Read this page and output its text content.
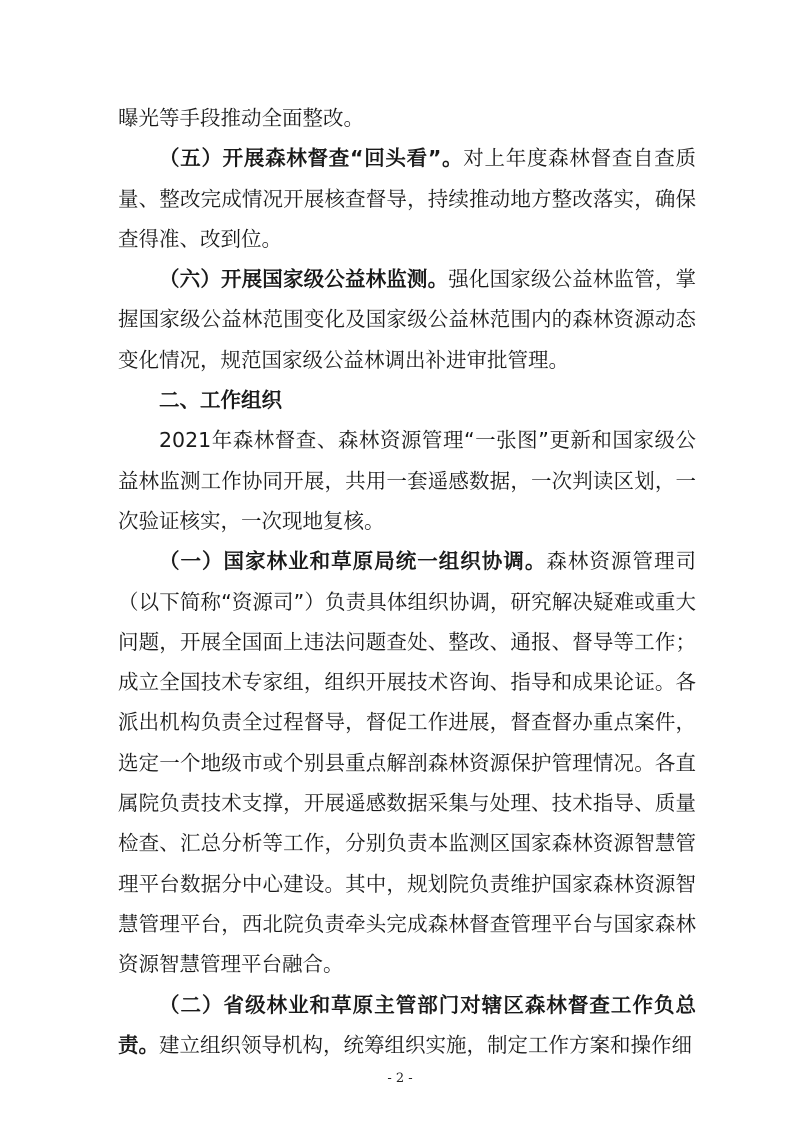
曝光等手段推动全面整改。

（五）开展森林督查“回头看”。对上年度森林督查自查质量、整改完成情况开展核查督导，持续推动地方整改落实，确保查得准、改到位。

（六）开展国家级公益林监测。强化国家级公益林监管，掌握国家级公益林范围变化及国家级公益林范围内的森林资源动态变化情况，规范国家级公益林调出补进审批管理。

二、工作组织

2021年森林督查、森林资源管理“一张图”更新和国家级公益林监测工作协同开展，共用一套遥感数据，一次判读区划，一次验证核实，一次现地复核。

（一）国家林业和草原局统一组织协调。森林资源管理司（以下简称“资源司”）负责具体组织协调，研究解决疑难或重大问题，开展全国面上违法问题查处、整改、通报、督导等工作；成立全国技术专家组，组织开展技术咨询、指导和成果论证。各派出机构负责全过程督导，督促工作进展，督查督办重点案件，选定一个地级市或个别县重点解剖森林资源保护管理情况。各直属院负责技术支撑，开展遥感数据采集与处理、技术指导、质量检查、汇总分析等工作，分别负责本监测区国家森林资源智慧管理平台数据分中心建设。其中，规划院负责维护国家森林资源智慧管理平台，西北院负责牵头完成森林督查管理平台与国家森林资源智慧管理平台融合。

（二）省级林业和草原主管部门对辖区森林督查工作负总责。建立组织领导机构，统筹组织实施，制定工作方案和操作细

- 2 -
